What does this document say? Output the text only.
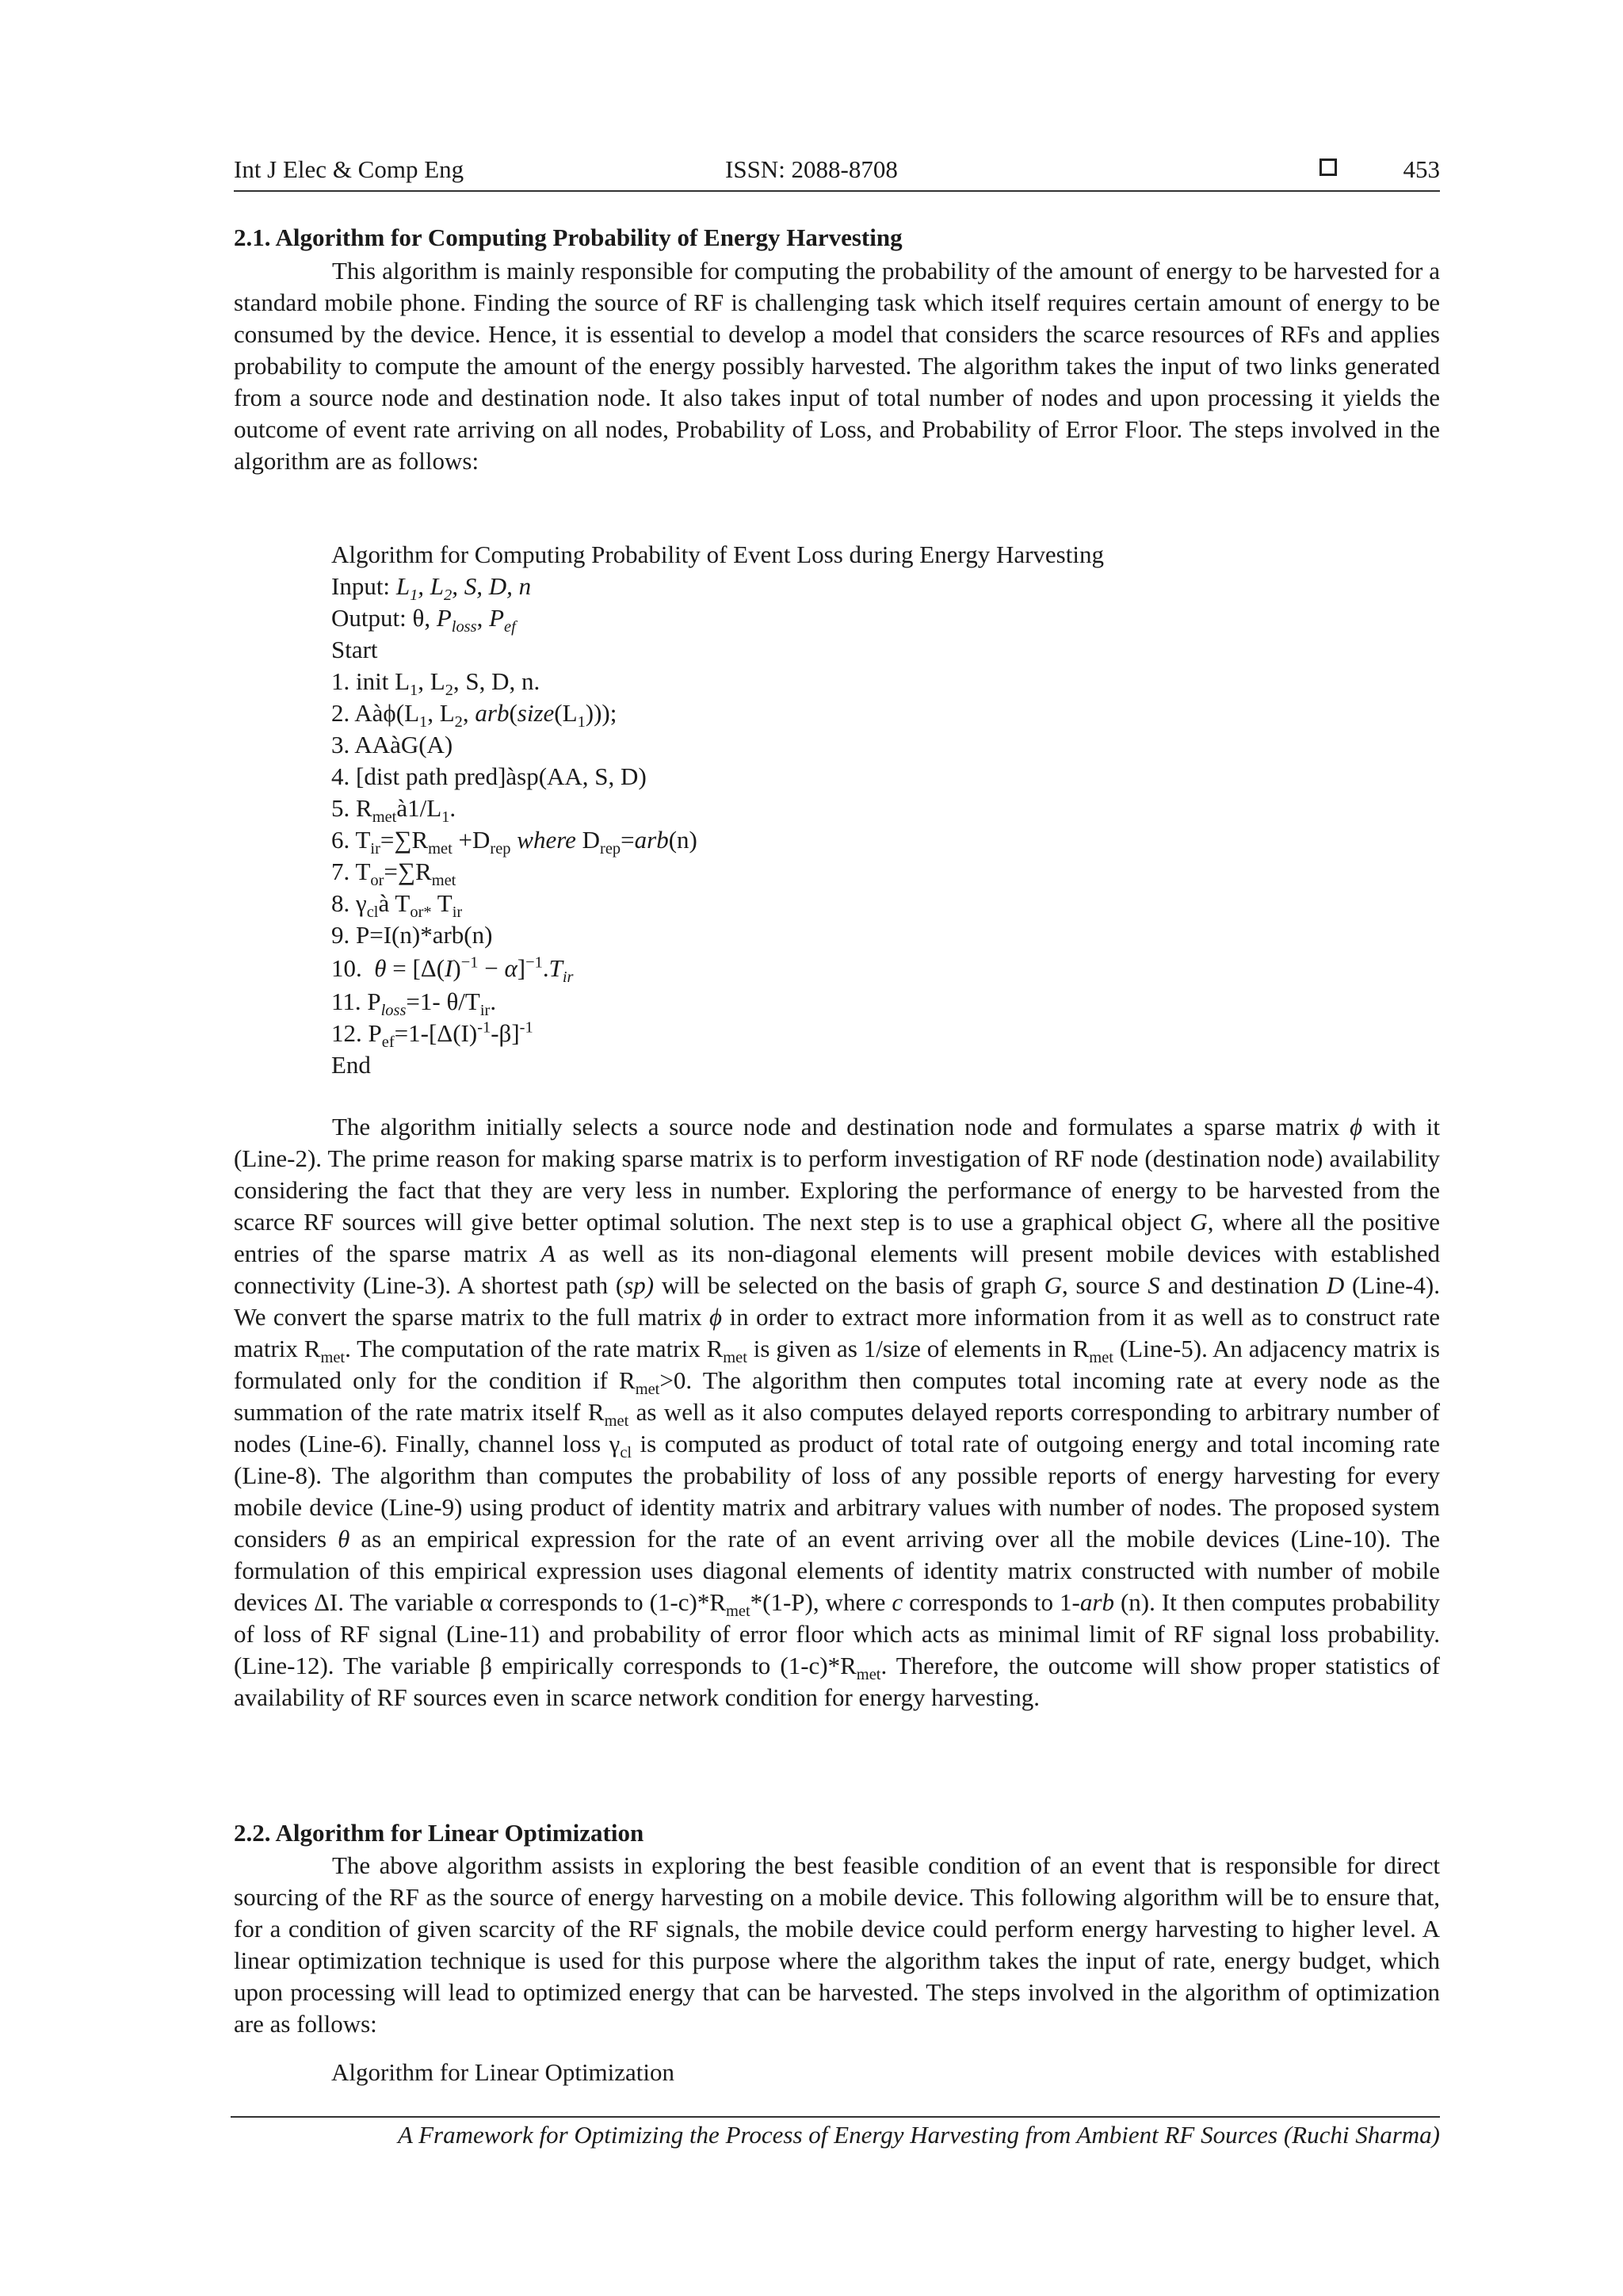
Int J Elec & Comp Eng	ISSN: 2088-8708	453
2.1. Algorithm for Computing Probability of Energy Harvesting

This algorithm is mainly responsible for computing the probability of the amount of energy to be harvested for a standard mobile phone. Finding the source of RF is challenging task which itself requires certain amount of energy to be consumed by the device. Hence, it is essential to develop a model that considers the scarce resources of RFs and applies probability to compute the amount of the energy possibly harvested. The algorithm takes the input of two links generated from a source node and destination node. It also takes input of total number of nodes and upon processing it yields the outcome of event rate arriving on all nodes, Probability of Loss, and Probability of Error Floor. The steps involved in the algorithm are as follows:

Algorithm for Computing Probability of Event Loss during Energy Harvesting
Input: $L_1$, $L_2$, S, D, n
Output: θ, $P_{loss}$, $P_{ef}$
Start
1. init $L_1$, $L_2$, S, D, n.
2. $Aà\phi(L_1$, $L_2$, $arb(size(L_1))$);
3. AAàG(A)
4. [dist path pred]àsp(AA, S, D)
5. $R_{met}à1/L_1$.
6. $T_{ir}=\sum R_{met} +D_{rep}$ where $D_{rep}=arb(n)$
7. $T_{or}=\sum R_{met}$
8. $\gamma_{cl}à$ $T_{or*}$ $T_{ir}$
9. P=I(n)*arb(n)
10.  $\theta = [\Delta(I)^{-1} - \alpha]^{-1}.T_{ir}$
11. $P_{loss}=1-$ $\theta/T_{ir}$.
12. $P_{ef}=1-[\Delta(I)^{-1}-\beta]^{-1}$
End

The algorithm initially selects a source node and destination node and formulates a sparse matrix ϕ with it (Line-2). The prime reason for making sparse matrix is to perform investigation of RF node (destination node) availability considering the fact that they are very less in number. Exploring the performance of energy to be harvested from the scarce RF sources will give better optimal solution. The next step is to use a graphical object G, where all the positive entries of the sparse matrix A as well as its non-diagonal elements will present mobile devices with established connectivity (Line-3). A shortest path (sp) will be selected on the basis of graph G, source S and destination D (Line-4). We convert the sparse matrix to the full matrix ϕ in order to extract more information from it as well as to construct rate matrix $R_{met}$. The computation of the rate matrix $R_{met}$ is given as 1/size of elements in $R_{met}$ (Line-5). An adjacency matrix is formulated only for the condition if $R_{met}>0$. The algorithm then computes total incoming rate at every node as the summation of the rate matrix itself $R_{met}$ as well as it also computes delayed reports corresponding to arbitrary number of nodes (Line-6). Finally, channel loss $\gamma_{cl}$ is computed as product of total rate of outgoing energy and total incoming rate (Line-8). The algorithm than computes the probability of loss of any possible reports of energy harvesting for every mobile device (Line-9) using product of identity matrix and arbitrary values with number of nodes. The proposed system considers θ as an empirical expression for the rate of an event arriving over all the mobile devices (Line-10). The formulation of this empirical expression uses diagonal elements of identity matrix constructed with number of mobile devices ΔI. The variable α corresponds to $(1-c)*R_{met}*(1-P)$, where c corresponds to 1-arb (n). It then computes probability of loss of RF signal (Line-11) and probability of error floor which acts as minimal limit of RF signal loss probability. (Line-12). The variable β empirically corresponds to $(1-c)*R_{met}$. Therefore, the outcome will show proper statistics of availability of RF sources even in scarce network condition for energy harvesting.

2.2. Algorithm for Linear Optimization

The above algorithm assists in exploring the best feasible condition of an event that is responsible for direct sourcing of the RF as the source of energy harvesting on a mobile device. This following algorithm will be to ensure that, for a condition of given scarcity of the RF signals, the mobile device could perform energy harvesting to higher level. A linear optimization technique is used for this purpose where the algorithm takes the input of rate, energy budget, which upon processing will lead to optimized energy that can be harvested. The steps involved in the algorithm of optimization are as follows:

Algorithm for Linear Optimization
A Framework for Optimizing the Process of Energy Harvesting from Ambient RF Sources (Ruchi Sharma)
